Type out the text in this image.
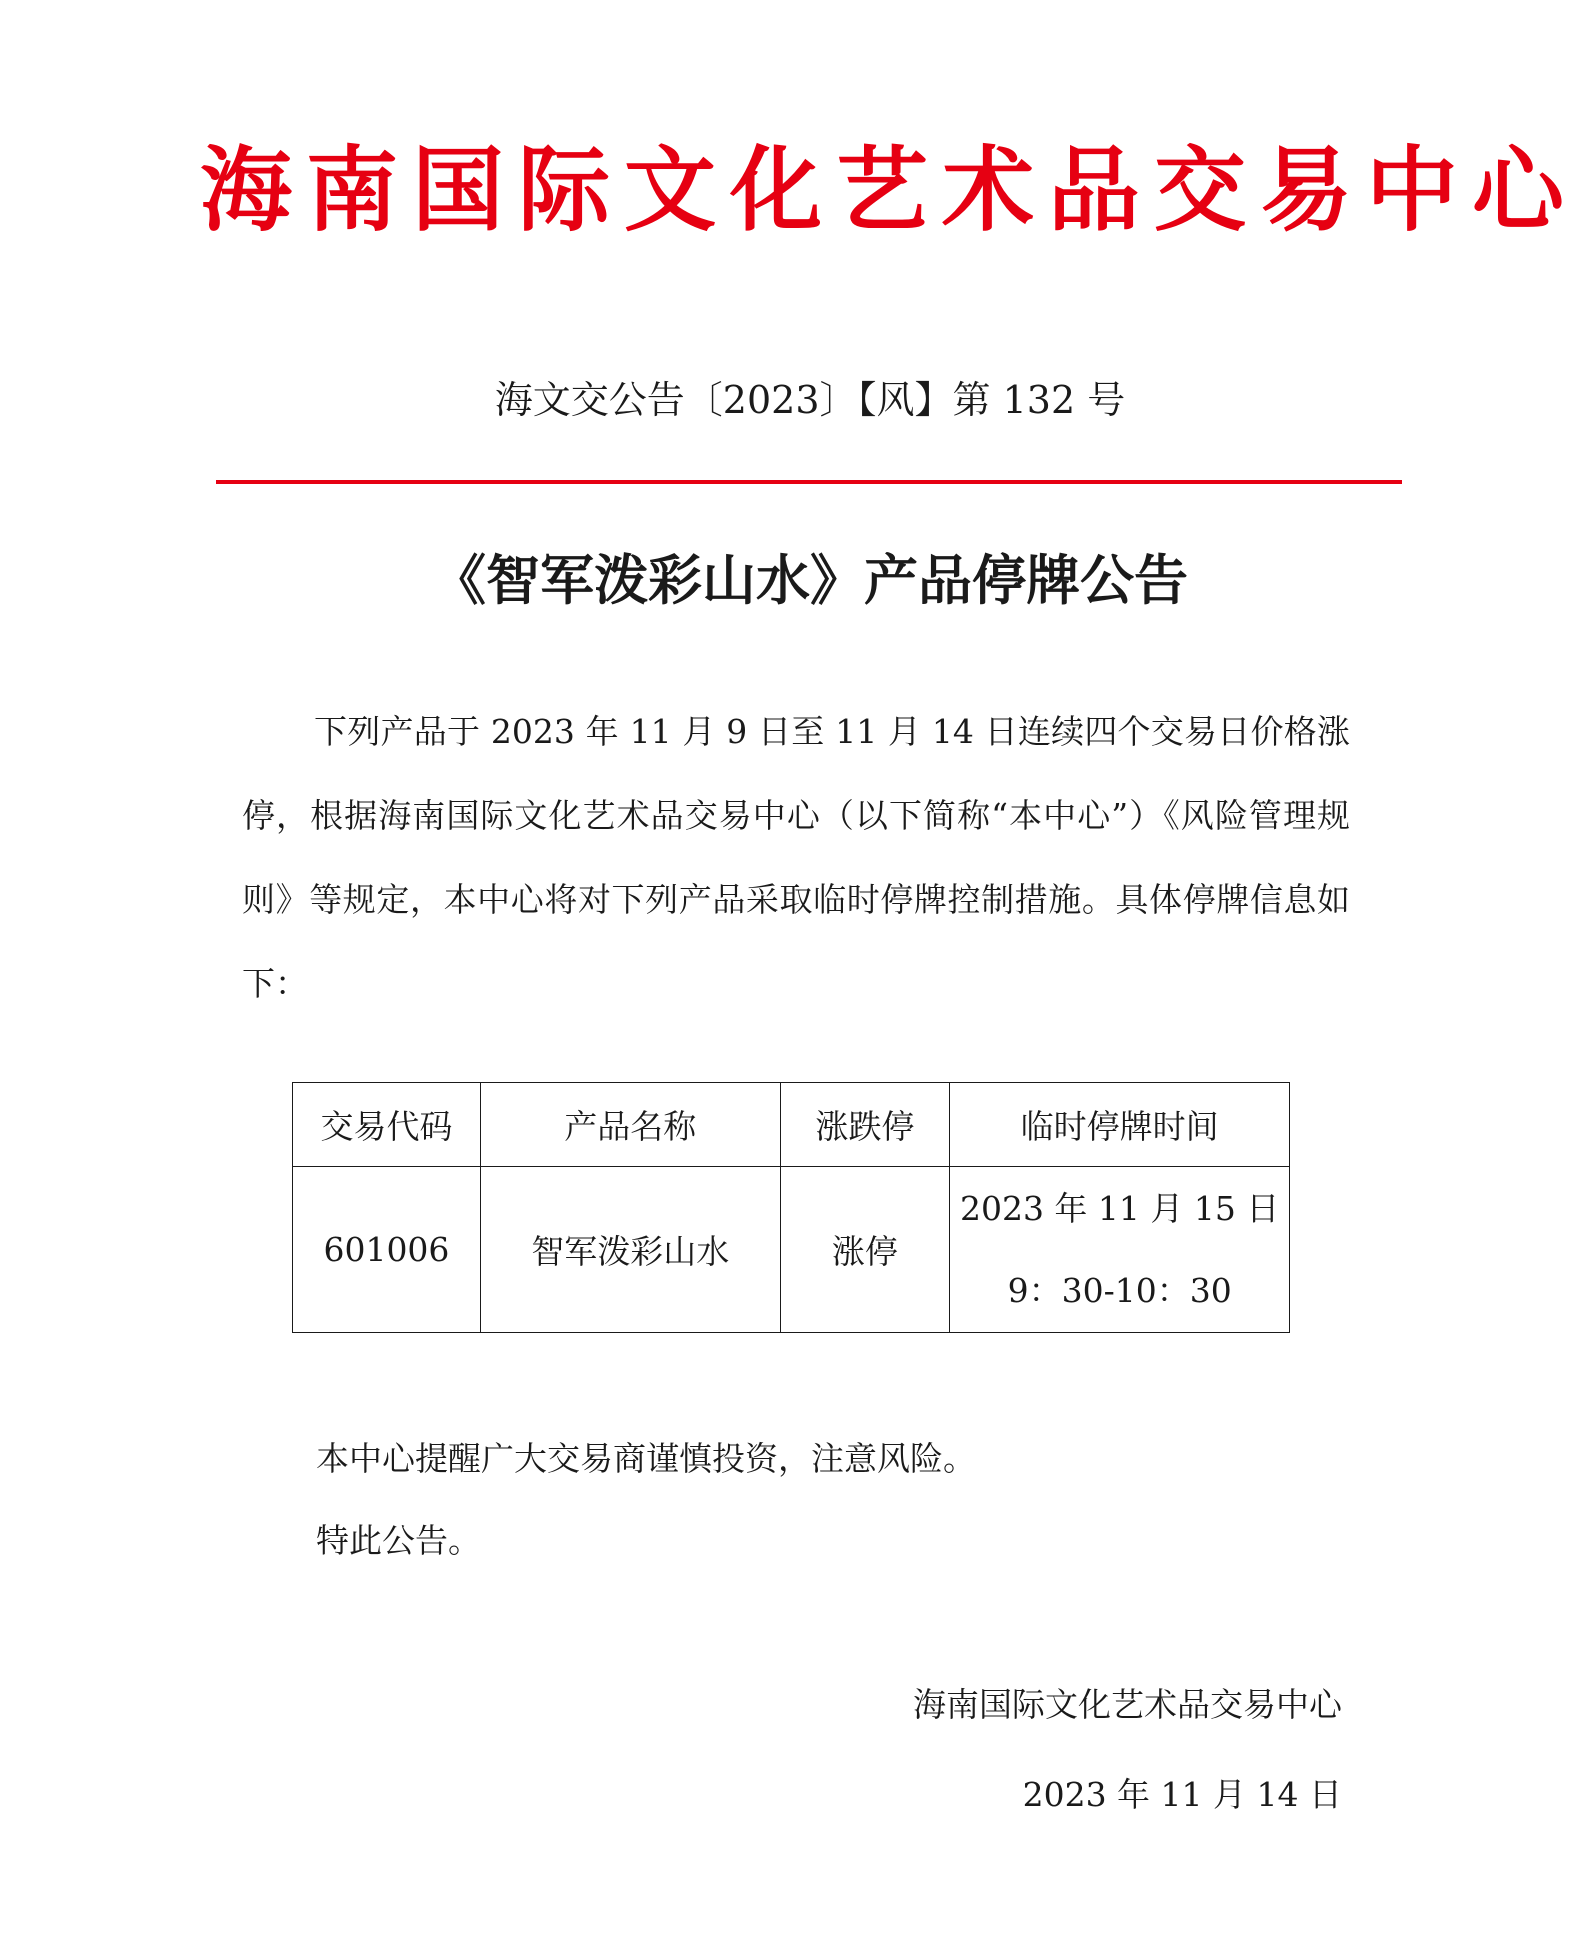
海南国际文化艺术品交易中心
海文交公告〔2023〕【风】第 132 号
《智军泼彩山水》产品停牌公告

下列产品于 2023 年 11 月 9 日至 11 月 14 日连续四个交易日价格涨停，根据海南国际文化艺术品交易中心（以下简称“本中心”）《风险管理规则》等规定，本中心将对下列产品采取临时停牌控制措施。具体停牌信息如下：

交易代码	产品名称	涨跌停	临时停牌时间
601006	智军泼彩山水	涨停	2023 年 11 月 15 日
9：30-10：30
本中心提醒广大交易商谨慎投资，注意风险。
特此公告。
海南国际文化艺术品交易中心
2023 年 11 月 14 日
